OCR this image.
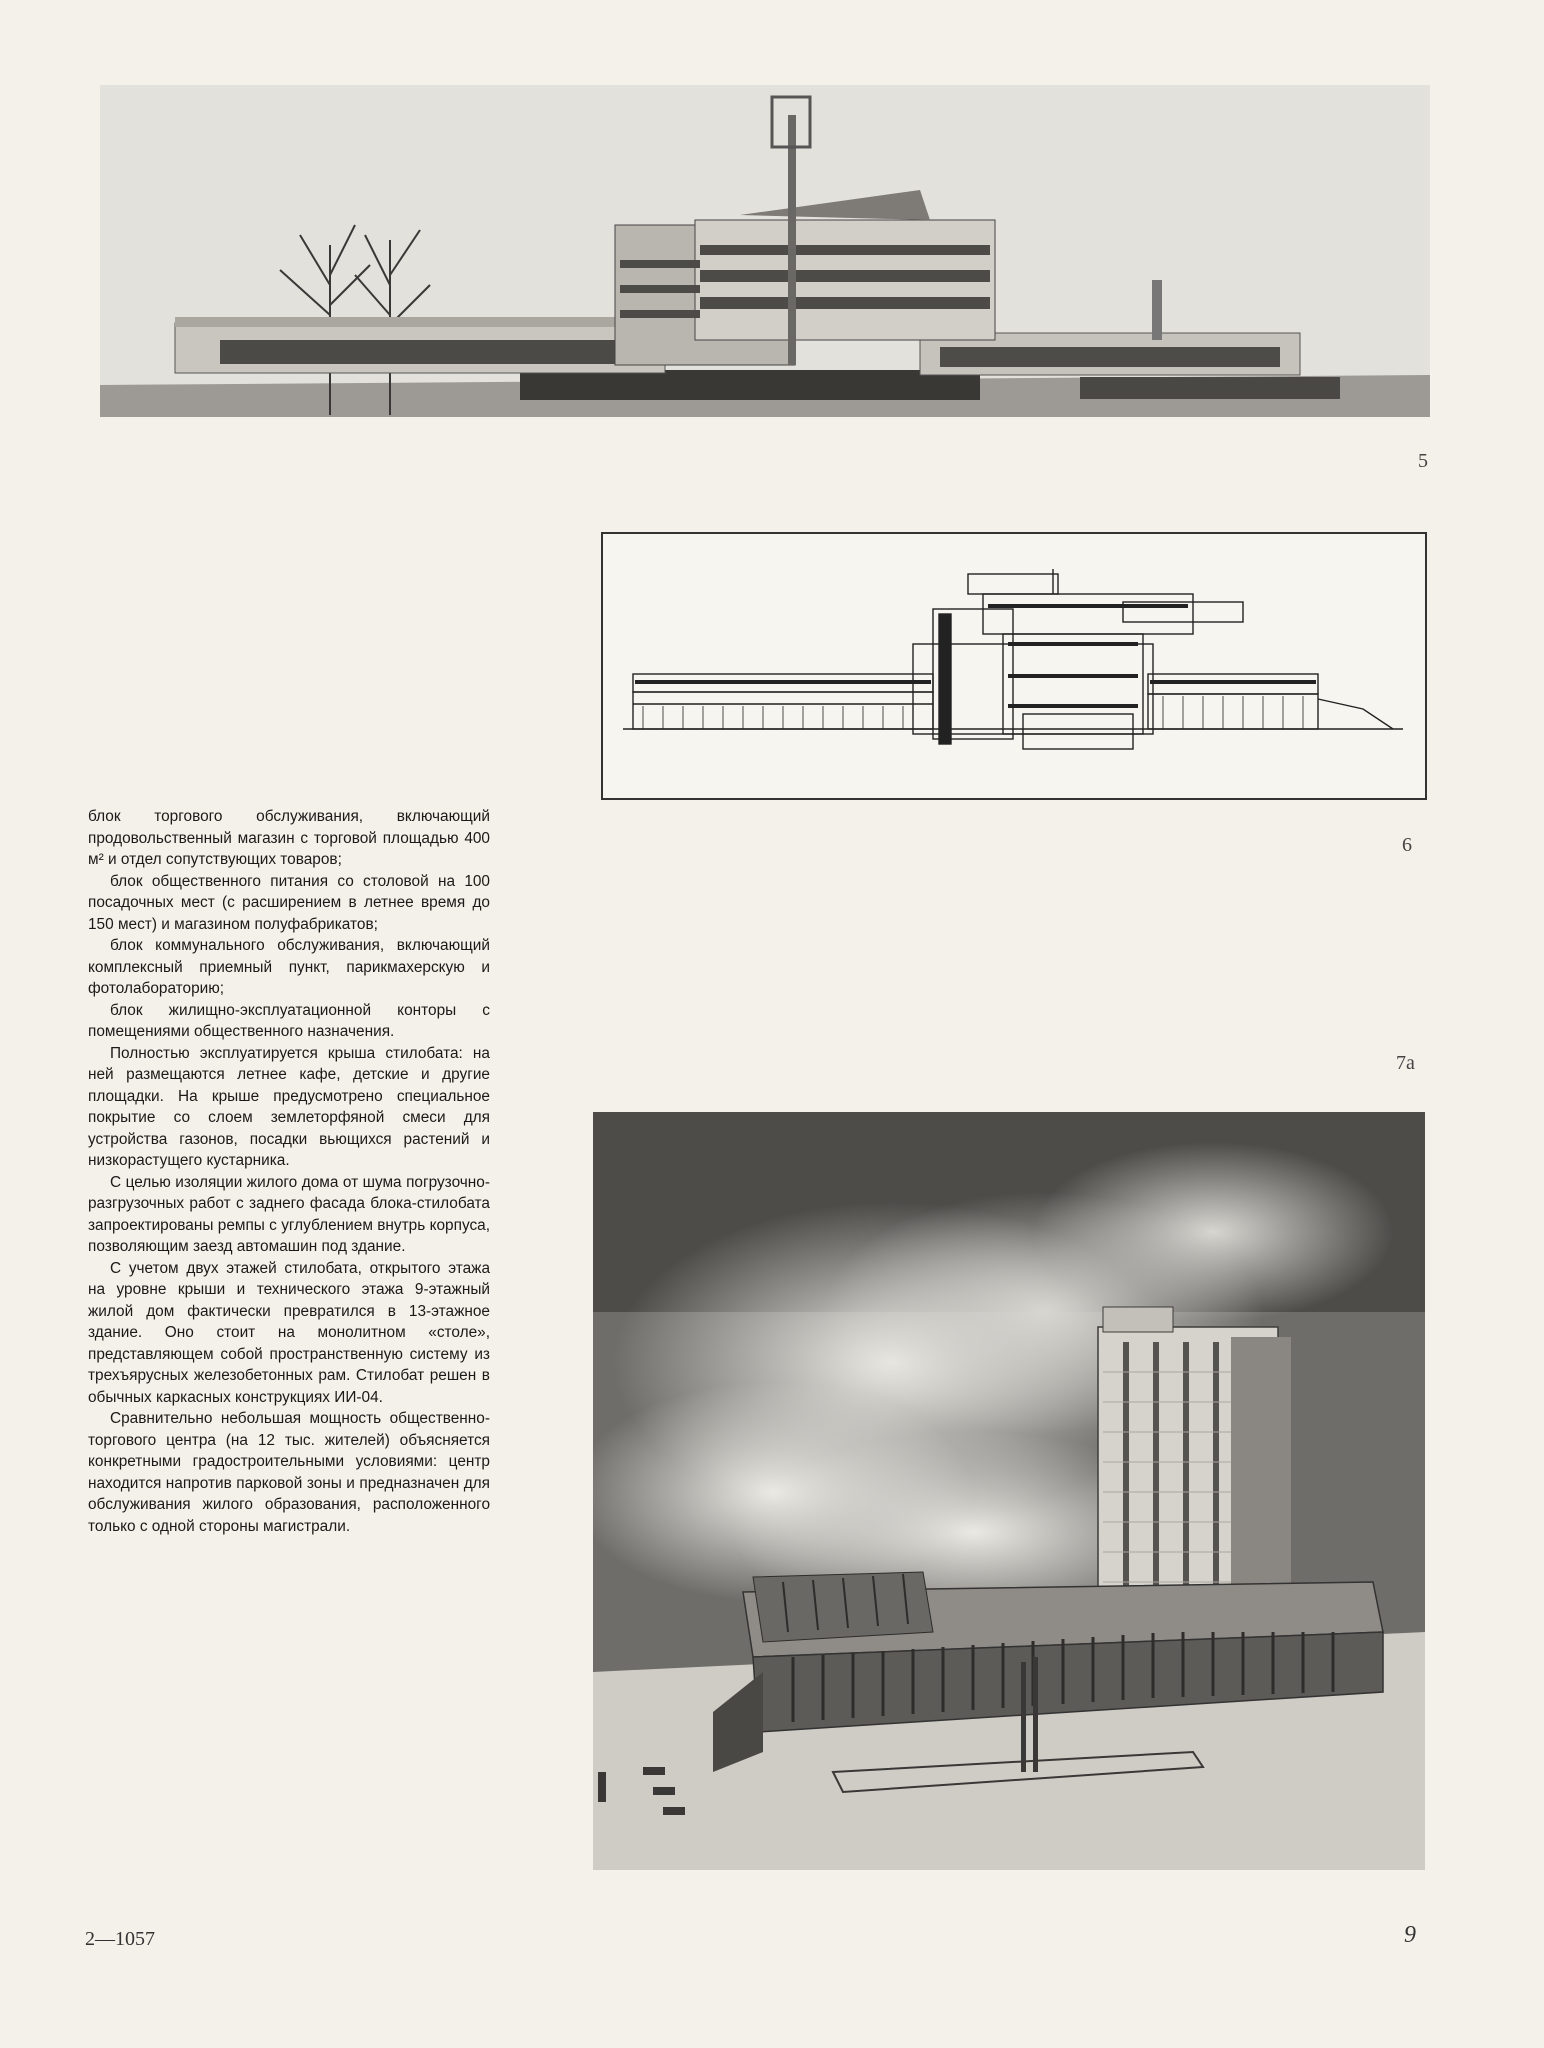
5
6
7а

блок торгового обслуживания, включающий продовольственный магазин с торговой площадью 400 м² и отдел сопутствующих товаров;

блок общественного питания со столовой на 100 посадочных мест (с расширением в летнее время до 150 мест) и магазином полуфабрикатов;

блок коммунального обслуживания, включающий комплексный приемный пункт, парикмахерскую и фотолабораторию;

блок жилищно-эксплуатационной конторы с помещениями общественного назначения.

Полностью эксплуатируется крыша стилобата: на ней размещаются летнее кафе, детские и другие площадки. На крыше предусмотрено специальное покрытие со слоем землеторфяной смеси для устройства газонов, посадки вьющихся растений и низкорастущего кустарника.

С целью изоляции жилого дома от шума погрузочно-разгрузочных работ с заднего фасада блока-стилобата запроектированы ремпы с углублением внутрь корпуса, позволяющим заезд автомашин под здание.

С учетом двух этажей стилобата, открытого этажа на уровне крыши и технического этажа 9-этажный жилой дом фактически превратился в 13-этажное здание. Оно стоит на монолитном «столе», представляющем собой пространственную систему из трехъярусных железобетонных рам. Стилобат решен в обычных каркасных конструкциях ИИ-04.

Сравнительно небольшая мощность общественно-торгового центра (на 12 тыс. жителей) объясняется конкретными градостроительными условиями: центр находится напротив парковой зоны и предназначен для обслуживания жилого образования, расположенного только с одной стороны магистрали.

2—1057	9
